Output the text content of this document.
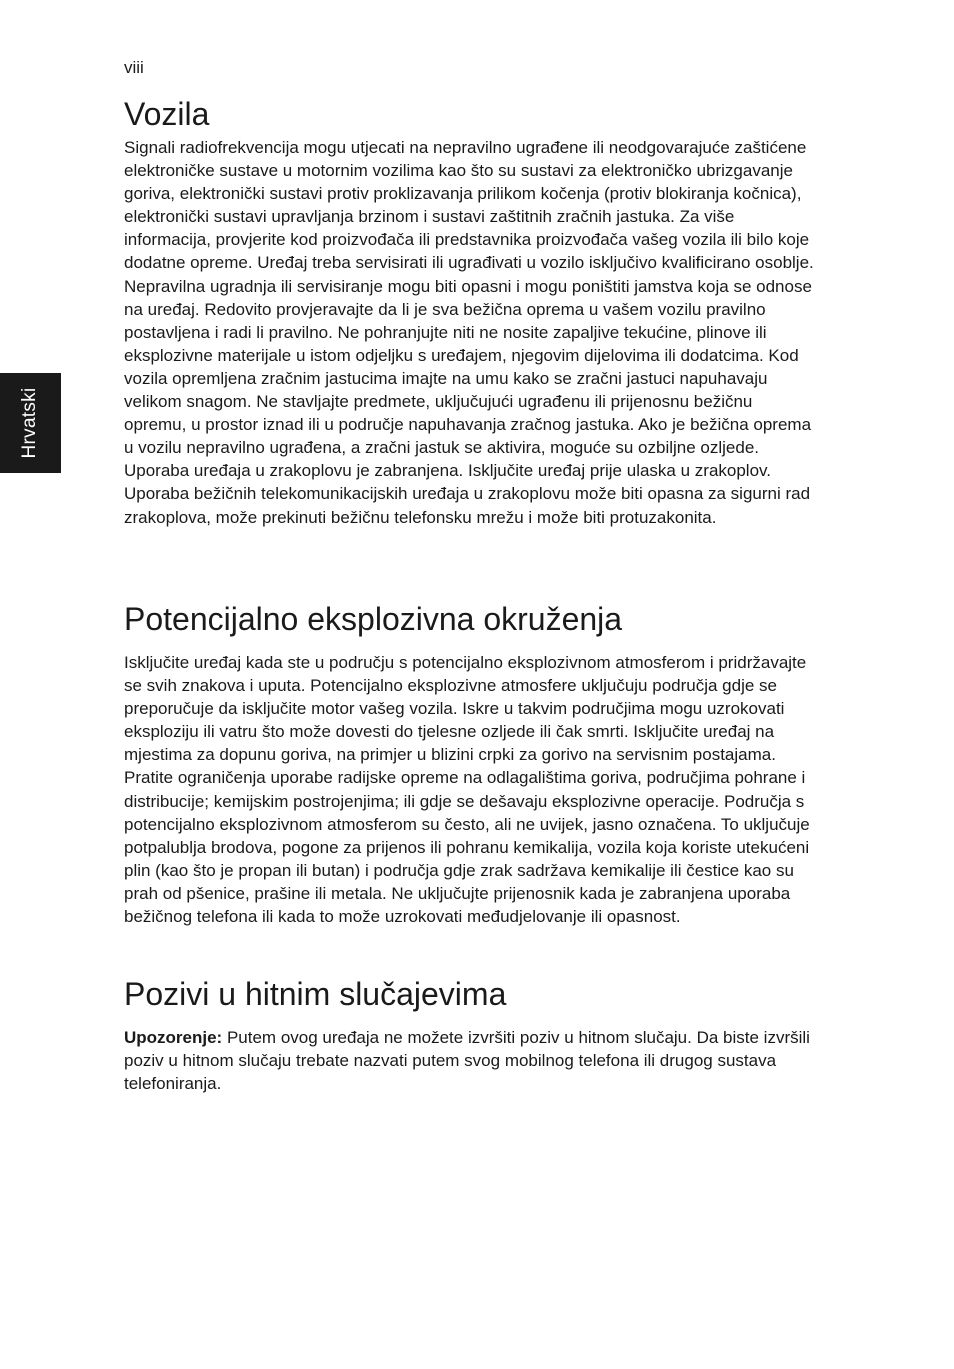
viii
Hrvatski
Vozila

Signali radiofrekvencija mogu utjecati na nepravilno ugrađene ili neodgovarajuće zaštićene elektroničke sustave u motornim vozilima kao što su sustavi za elektroničko ubrizgavanje goriva, elektronički sustavi protiv proklizavanja prilikom kočenja (protiv blokiranja kočnica), elektronički sustavi upravljanja brzinom i sustavi zaštitnih zračnih jastuka. Za više informacija, provjerite kod proizvođača ili predstavnika proizvođača vašeg vozila ili bilo koje dodatne opreme. Uređaj treba servisirati ili ugrađivati u vozilo isključivo kvalificirano osoblje. Nepravilna ugradnja ili servisiranje mogu biti opasni i mogu poništiti jamstva koja se odnose na uređaj. Redovito provjeravajte da li je sva bežična oprema u vašem vozilu pravilno postavljena i radi li pravilno. Ne pohranjujte niti ne nosite zapaljive tekućine, plinove ili eksplozivne materijale u istom odjeljku s uređajem, njegovim dijelovima ili dodatcima. Kod vozila opremljena zračnim jastucima imajte na umu kako se zračni jastuci napuhavaju velikom snagom. Ne stavljajte predmete, uključujući ugrađenu ili prijenosnu bežičnu opremu, u prostor iznad ili u područje napuhavanja zračnog jastuka. Ako je bežična oprema u vozilu nepravilno ugrađena, a zračni jastuk se aktivira, moguće su ozbiljne ozljede. Uporaba uređaja u zrakoplovu je zabranjena. Isključite uređaj prije ulaska u zrakoplov. Uporaba bežičnih telekomunikacijskih uređaja u zrakoplovu može biti opasna za sigurni rad zrakoplova, može prekinuti bežičnu telefonsku mrežu i može biti protuzakonita.

Potencijalno eksplozivna okruženja

Isključite uređaj kada ste u području s potencijalno eksplozivnom atmosferom i pridržavajte se svih znakova i uputa. Potencijalno eksplozivne atmosfere uključuju područja gdje se preporučuje da isključite motor vašeg vozila. Iskre u takvim područjima mogu uzrokovati eksploziju ili vatru što može dovesti do tjelesne ozljede ili čak smrti. Isključite uređaj na mjestima za dopunu goriva, na primjer u blizini crpki za gorivo na servisnim postajama. Pratite ograničenja uporabe radijske opreme na odlagalištima goriva, područjima pohrane i distribucije; kemijskim postrojenjima; ili gdje se dešavaju eksplozivne operacije. Područja s potencijalno eksplozivnom atmosferom su često, ali ne uvijek, jasno označena. To uključuje potpalublja brodova, pogone za prijenos ili pohranu kemikalija, vozila koja koriste utekućeni plin (kao što je propan ili butan) i područja gdje zrak sadržava kemikalije ili čestice kao su prah od pšenice, prašine ili metala. Ne uključujte prijenosnik kada je zabranjena uporaba bežičnog telefona ili kada to može uzrokovati međudjelovanje ili opasnost.

Pozivi u hitnim slučajevima

Upozorenje: Putem ovog uređaja ne možete izvršiti poziv u hitnom slučaju. Da biste izvršili poziv u hitnom slučaju trebate nazvati putem svog mobilnog telefona ili drugog sustava telefoniranja.
